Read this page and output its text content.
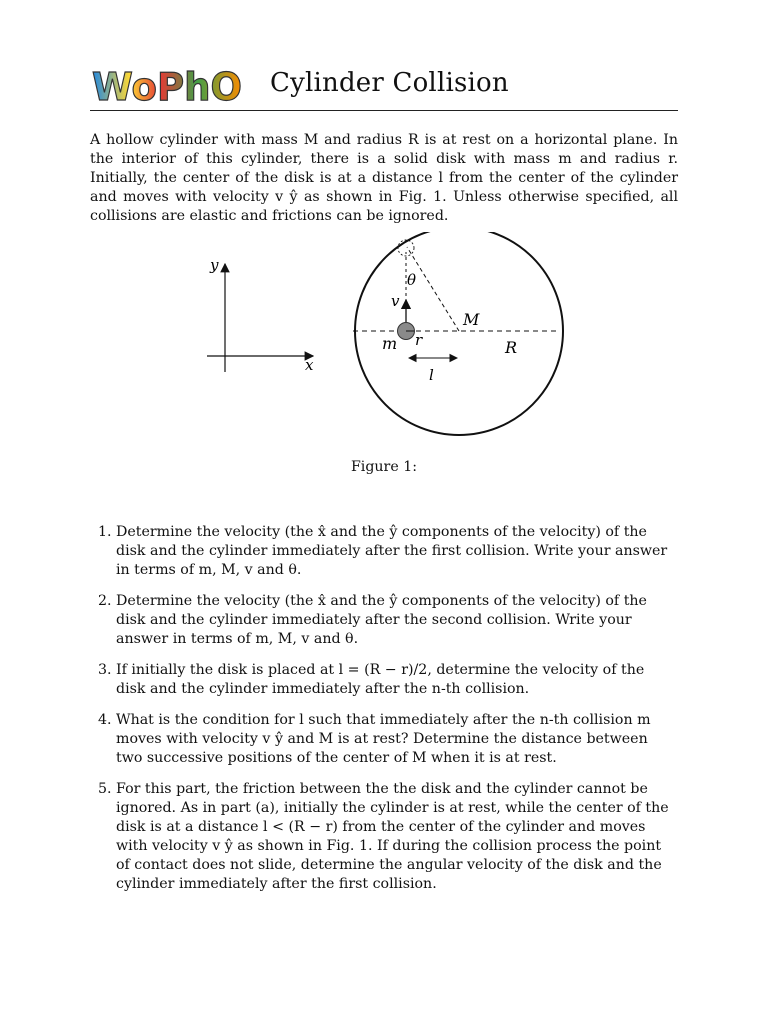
WoPhO Cylinder Collision

A hollow cylinder with mass M and radius R is at rest on a horizontal plane. In the interior of this cylinder, there is a solid disk with mass m and radius r. Initially, the center of the disk is at a distance l from the center of the cylinder and moves with velocity v ŷ as shown in Fig. 1. Unless otherwise specified, all collisions are elastic and frictions can be ignored.

y
x
θ
v
M
m r	R
l
Figure 1:
1. Determine the velocity (the x̂ and the ŷ components of the velocity) of the disk and the cylinder immediately after the first collision. Write your answer in terms of m, M, v and θ.
2. Determine the velocity (the x̂ and the ŷ components of the velocity) of the disk and the cylinder immediately after the second collision. Write your answer in terms of m, M, v and θ.
3. If initially the disk is placed at l = (R − r)/2, determine the velocity of the disk and the cylinder immediately after the n-th collision.
4. What is the condition for l such that immediately after the n-th collision m moves with velocity v ŷ and M is at rest? Determine the distance between two successive positions of the center of M when it is at rest.
5. For this part, the friction between the the disk and the cylinder cannot be ignored. As in part (a), initially the cylinder is at rest, while the center of the disk is at a distance l < (R − r) from the center of the cylinder and moves with velocity v ŷ as shown in Fig. 1. If during the collision process the point of contact does not slide, determine the angular velocity of the disk and the cylinder immediately after the first collision.
